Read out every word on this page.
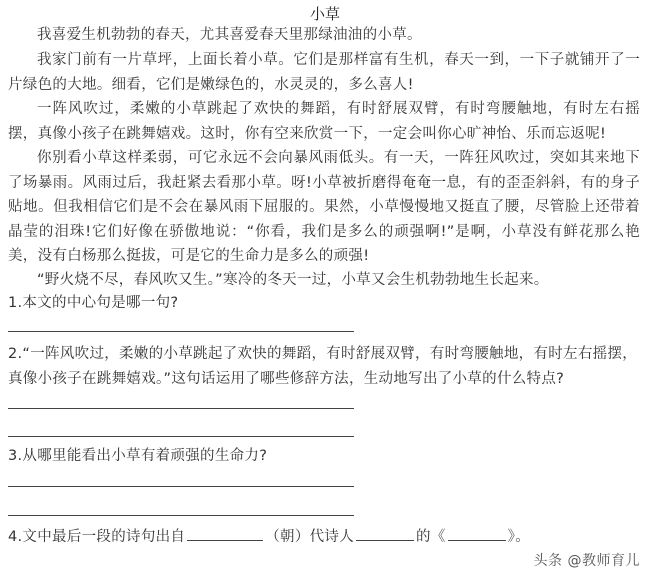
小草

我喜爱生机勃勃的春天，尤其喜爱春天里那绿油油的小草。

我家门前有一片草坪，上面长着小草。它们是那样富有生机，春天一到，一下子就铺开了一片绿色的大地。细看，它们是嫩绿色的，水灵灵的，多么喜人!

一阵风吹过，柔嫩的小草跳起了欢快的舞蹈，有时舒展双臂，有时弯腰触地，有时左右摇摆，真像小孩子在跳舞嬉戏。这时，你有空来欣赏一下，一定会叫你心旷神怡、乐而忘返呢!

你别看小草这样柔弱，可它永远不会向暴风雨低头。有一天，一阵狂风吹过，突如其来地下了场暴雨。风雨过后，我赶紧去看那小草。呀!小草被折磨得奄奄一息，有的歪歪斜斜，有的身子贴地。但我相信它们是不会在暴风雨下屈服的。果然，小草慢慢地又挺直了腰，尽管脸上还带着晶莹的泪珠!它们好像在骄傲地说：“你看，我们是多么的顽强啊!”是啊，小草没有鲜花那么艳美，没有白杨那么挺拔，可是它的生命力是多么的顽强!

“野火烧不尽，春风吹又生。”寒冷的冬天一过，小草又会生机勃勃地生长起来。

1.本文的中心句是哪一句?

2.“一阵风吹过，柔嫩的小草跳起了欢快的舞蹈，有时舒展双臂，有时弯腰触地，有时左右摇摆，真像小孩子在跳舞嬉戏。”这句话运用了哪些修辞方法，生动地写出了小草的什么特点?

3.从哪里能看出小草有着顽强的生命力?

4.文中最后一段的诗句出自	（朝）代诗人	的《	》。

头条 @教师育儿
